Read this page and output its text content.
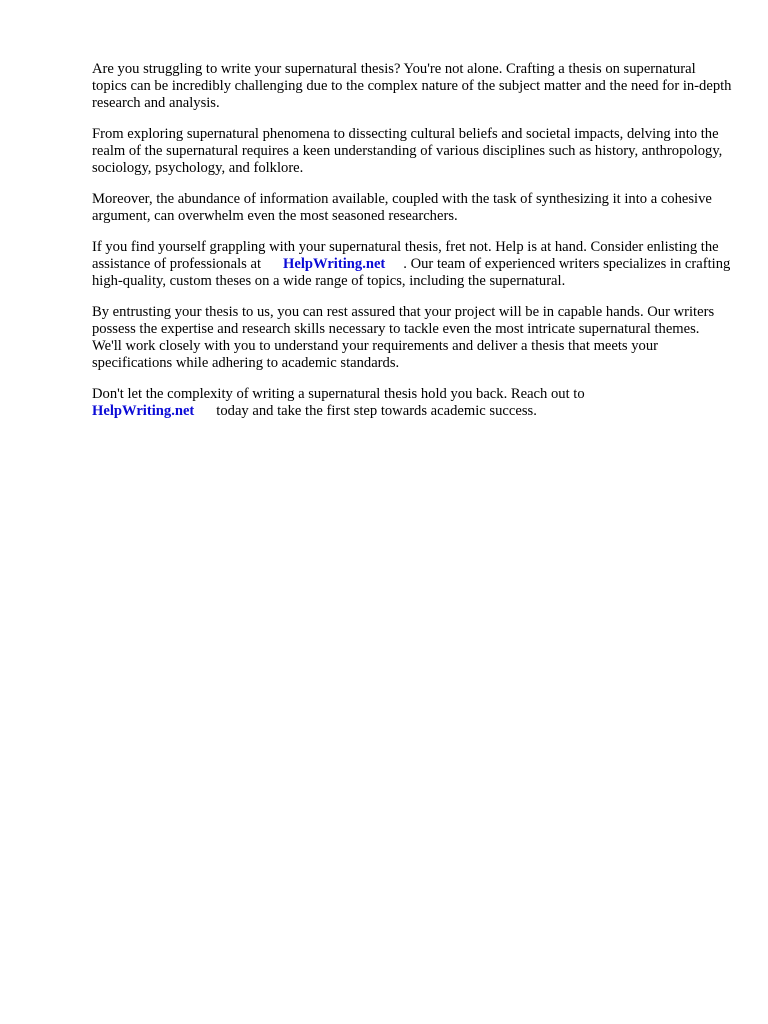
Are you struggling to write your supernatural thesis? You're not alone. Crafting a thesis on supernatural topics can be incredibly challenging due to the complex nature of the subject matter and the need for in-depth research and analysis.

From exploring supernatural phenomena to dissecting cultural beliefs and societal impacts, delving into the realm of the supernatural requires a keen understanding of various disciplines such as history, anthropology, sociology, psychology, and folklore.

Moreover, the abundance of information available, coupled with the task of synthesizing it into a cohesive argument, can overwhelm even the most seasoned researchers.

If you find yourself grappling with your supernatural thesis, fret not. Help is at hand. Consider enlisting the assistance of professionals at HelpWriting.net . Our team of experienced writers specializes in crafting high-quality, custom theses on a wide range of topics, including the supernatural.

By entrusting your thesis to us, you can rest assured that your project will be in capable hands. Our writers possess the expertise and research skills necessary to tackle even the most intricate supernatural themes. We'll work closely with you to understand your requirements and deliver a thesis that meets your specifications while adhering to academic standards.

Don't let the complexity of writing a supernatural thesis hold you back. Reach out to
HelpWriting.net today and take the first step towards academic success.
